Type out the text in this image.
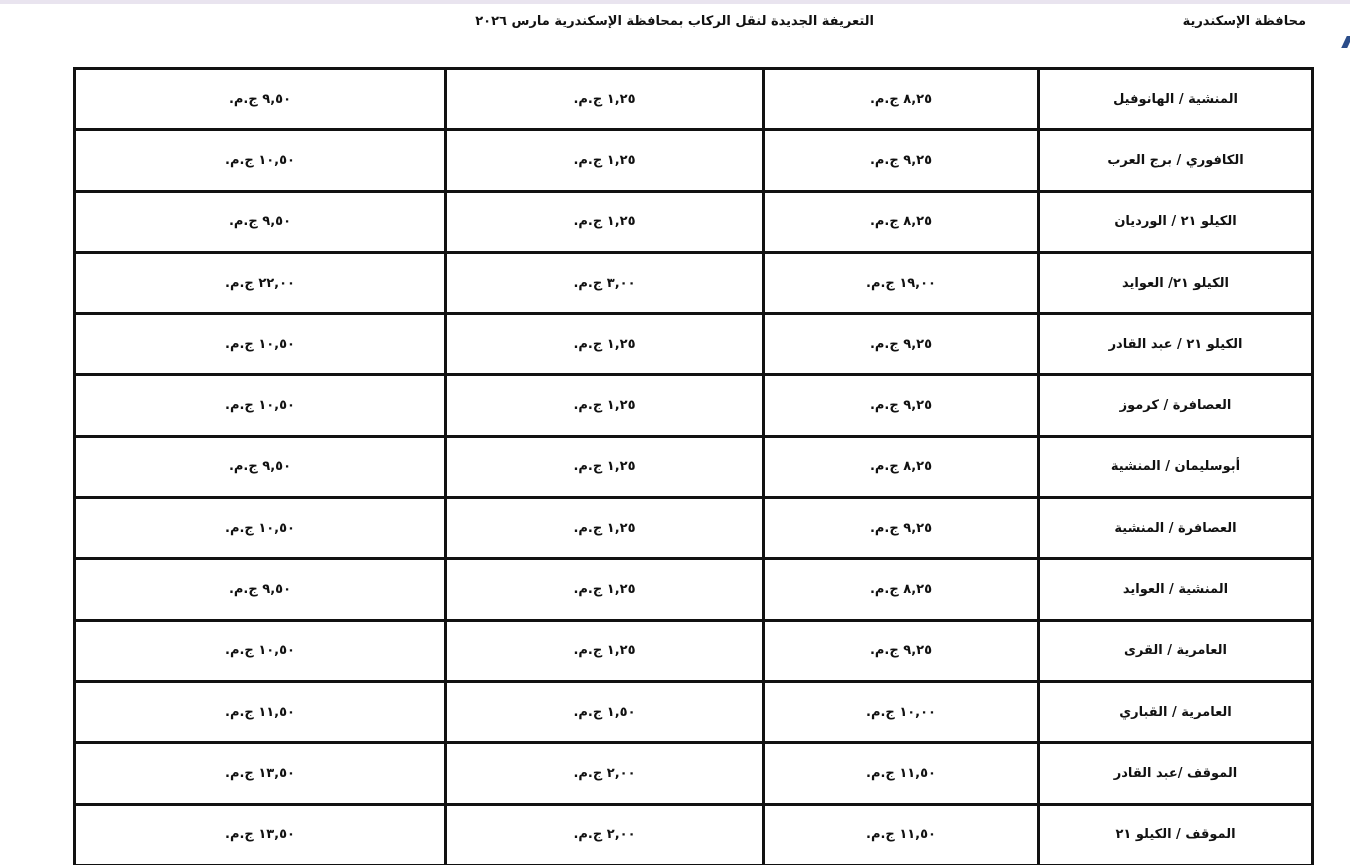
محافظة الإسكندرية
التعريفة الجديدة لنقل الركاب بمحافظة الإسكندرية مارس ٢٠٢٦
المنشية / الهانوفيل	٨,٢٥ ج.م.	١,٢٥ ج.م.	٩,٥٠ ج.م.
الكافوري / برج العرب	٩,٢٥ ج.م.	١,٢٥ ج.م.	١٠,٥٠ ج.م.
الكيلو ٢١ / الورديان	٨,٢٥ ج.م.	١,٢٥ ج.م.	٩,٥٠ ج.م.
الكيلو ٢١/ العوايد	١٩,٠٠ ج.م.	٣,٠٠ ج.م.	٢٢,٠٠ ج.م.
الكيلو ٢١ / عبد القادر	٩,٢٥ ج.م.	١,٢٥ ج.م.	١٠,٥٠ ج.م.
العصافرة / كرموز	٩,٢٥ ج.م.	١,٢٥ ج.م.	١٠,٥٠ ج.م.
أبوسليمان / المنشية	٨,٢٥ ج.م.	١,٢٥ ج.م.	٩,٥٠ ج.م.
العصافرة / المنشية	٩,٢٥ ج.م.	١,٢٥ ج.م.	١٠,٥٠ ج.م.
المنشية / العوايد	٨,٢٥ ج.م.	١,٢٥ ج.م.	٩,٥٠ ج.م.
العامرية / القرى	٩,٢٥ ج.م.	١,٢٥ ج.م.	١٠,٥٠ ج.م.
العامرية / القباري	١٠,٠٠ ج.م.	١,٥٠ ج.م.	١١,٥٠ ج.م.
الموقف /عبد القادر	١١,٥٠ ج.م.	٢,٠٠ ج.م.	١٣,٥٠ ج.م.
الموقف / الكيلو ٢١	١١,٥٠ ج.م.	٢,٠٠ ج.م.	١٣,٥٠ ج.م.
